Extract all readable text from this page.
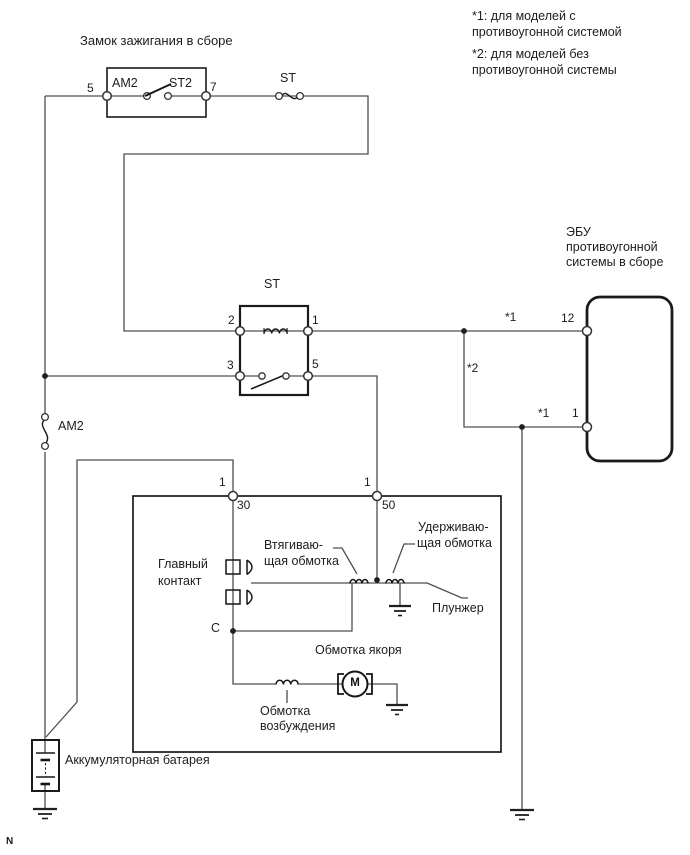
Замок зажигания в сборе
*1: для моделей с
противоугонной системой
*2: для моделей без
противоугонной системы
5 AM2	ST2 7
ST
AM2
ST
2	1
3	5
ЭБУ
противоугонной
системы в сборе
*1	12
*2
*1 1
1
30
1
50
Главный
контакт
Втягиваю-
щая обмотка
Удерживаю-
щая обмотка
Плунжер
C
Обмотка якоря
Обмотка
возбуждения
M
Аккумуляторная батарея
N
